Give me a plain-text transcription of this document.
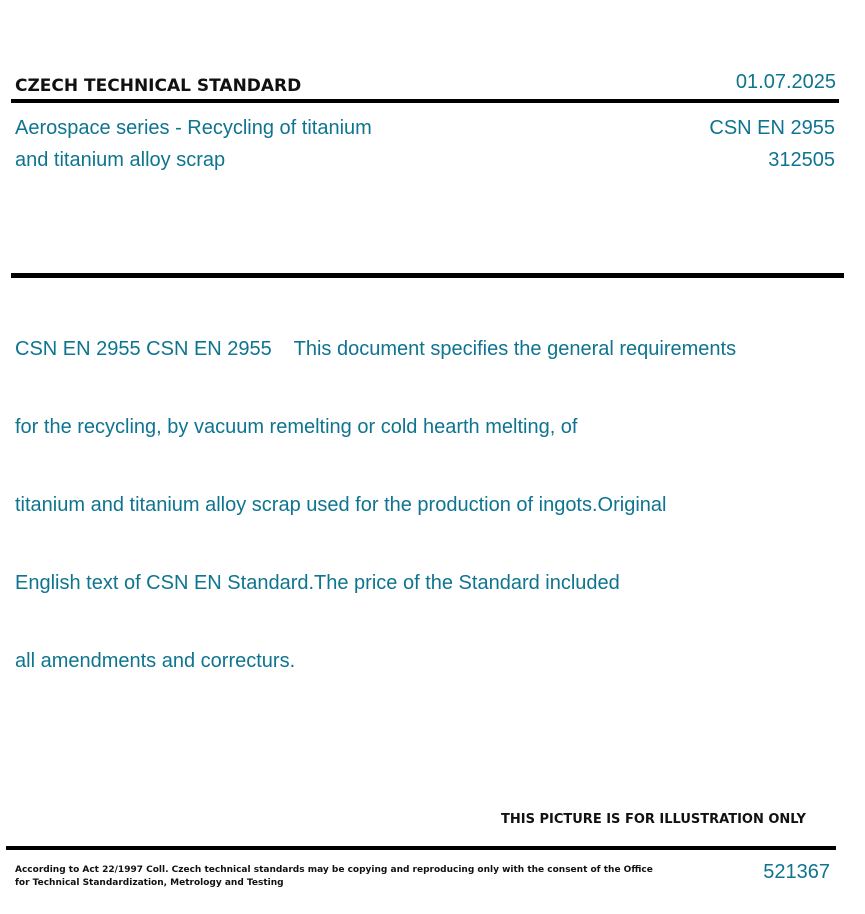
CZECH TECHNICAL STANDARD	01.07.2025
Aerospace series - Recycling of titanium
and titanium alloy scrap
CSN EN 2955
312505

CSN EN 2955 CSN EN 2955    This document specifies the general requirements

for the recycling, by vacuum remelting or cold hearth melting, of

titanium and titanium alloy scrap used for the production of ingots.Original

English text of CSN EN Standard.The price of the Standard included

all amendments and correcturs.

THIS PICTURE IS FOR ILLUSTRATION ONLY
According to Act 22/1997 Coll. Czech technical standards may be copying and reproducing only with the consent of the Office
for Technical Standardization, Metrology and Testing	521367
